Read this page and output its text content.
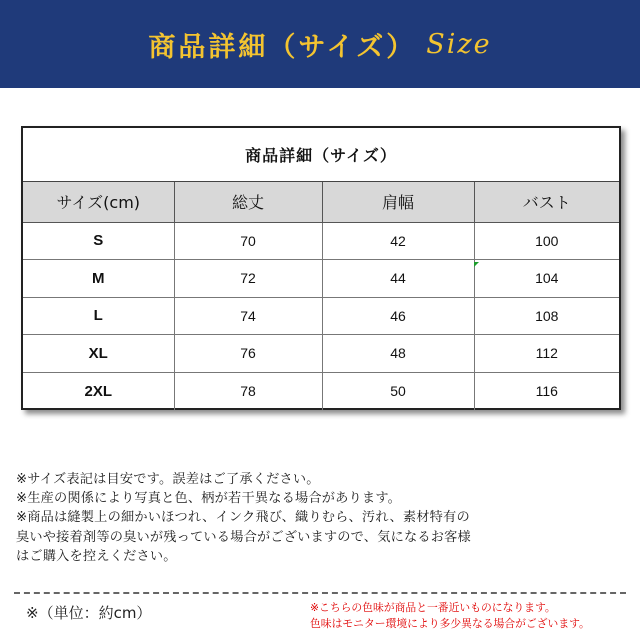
商品詳細（サイズ） Size
商品詳細（サイズ）
サイズ(cm)	総丈	肩幅	バスト
S	70	42	100
M	72	44	104
L	74	46	108
XL	76	48	112
2XL	78	50	116

※サイズ表記は目安です。誤差はご了承ください。

※生産の関係により写真と色、柄が若干異なる場合があります。

※商品は縫製上の細かいほつれ、インク飛び、織りむら、汚れ、素材特有の

臭いや接着剤等の臭いが残っている場合がございますので、気になるお客様

はご購入を控えください。

※（単位：約cm）	※こちらの色味が商品と一番近いものになります。
色味はモニター環境により多少異なる場合がございます。
